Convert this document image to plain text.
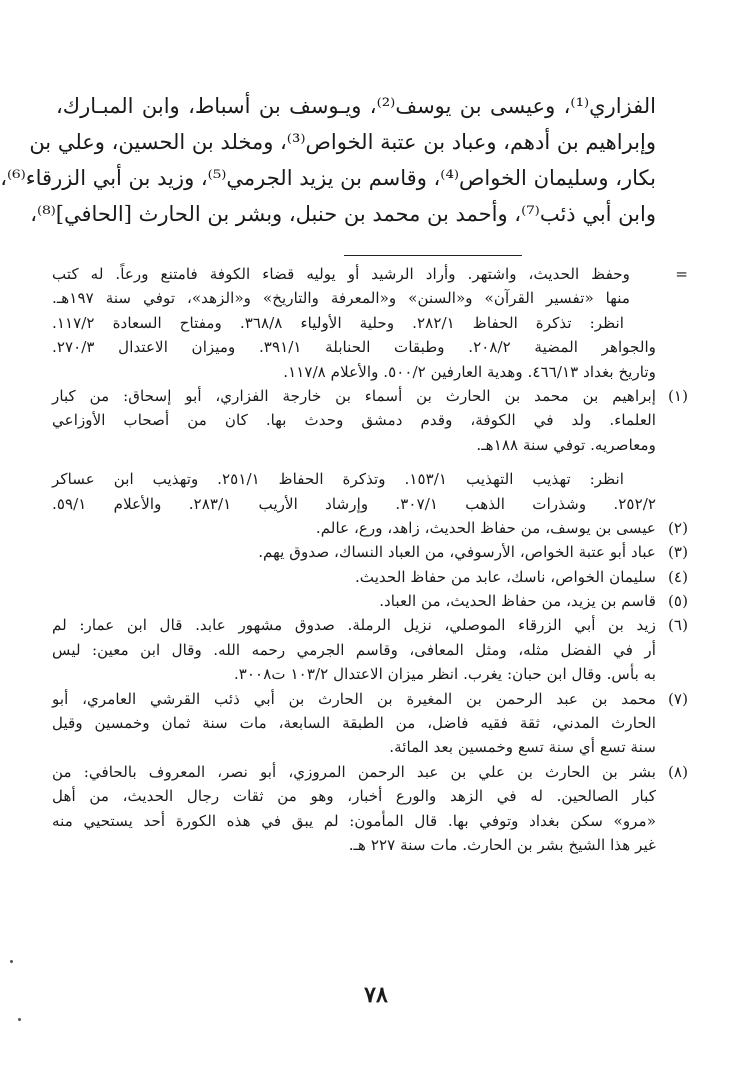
الفزاري⁽¹⁾، وعيسى بن يوسف⁽²⁾، ويـوسف بن أسباط، وابن المبـارك،
وإبراهيم بن أدهم، وعباد بن عتبة الخواص⁽³⁾، ومخلد بن الحسين، وعلي بن
بكار، وسليمان الخواص⁽⁴⁾، وقاسم بن يزيد الجرمي⁽⁵⁾، وزيد بن أبي الزرقاء⁽⁶⁾،
وابن أبي ذئب⁽⁷⁾، وأحمد بن محمد بن حنبل، وبشر بن الحارث [الحافي]⁽⁸⁾،
=
وحفظ الحديث، واشتهر. وأراد الرشيد أو يوليه قضاء الكوفة فامتنع ورعاً. له كتب
منها «تفسير القرآن» و«السنن» و«المعرفة والتاريخ» و«الزهد»، توفي سنة ١٩٧هـ.
انظر: تذكرة الحفاظ ٢٨٢/١. وحلية الأولياء ٣٦٨/٨. ومفتاح السعادة ١١٧/٢.
والجواهر المضية ٢٠٨/٢. وطبقات الحنابلة ٣٩١/١. وميزان الاعتدال ٢٧٠/٣.
وتاريخ بغداد ٤٦٦/١٣. وهدية العارفين ٥٠٠/٢. والأعلام ١١٧/٨.
(١)
إبراهيم بن محمد بن الحارث بن أسماء بن خارجة الفزاري، أبو إسحاق: من كبار
العلماء. ولد في الكوفة، وقدم دمشق وحدث بها. كان من أصحاب الأوزاعي
ومعاصريه. توفي سنة ١٨٨هـ.
انظر: تهذيب التهذيب ١٥٣/١. وتذكرة الحفاظ ٢٥١/١. وتهذيب ابن عساكر
٢٥٢/٢. وشذرات الذهب ٣٠٧/١. وإرشاد الأريب ٢٨٣/١. والأعلام ٥٩/١.
(٢)
عيسى بن يوسف، من حفاظ الحديث، زاهد، ورع، عالم.
(٣)
عباد أبو عتبة الخواص، الأرسوفي، من العباد النساك، صدوق يهم.
(٤)
سليمان الخواص، ناسك، عابد من حفاظ الحديث.
(٥)
قاسم بن يزيد، من حفاظ الحديث، من العباد.
(٦)
زيد بن أبي الزرقاء الموصلي، نزيل الرملة. صدوق مشهور عابد. قال ابن عمار: لم
أر في الفضل مثله، ومثل المعافى، وقاسم الجرمي رحمه الله. وقال ابن معين: ليس
به بأس. وقال ابن حبان: يغرب. انظر ميزان الاعتدال ١٠٣/٢ ت٣٠٠٨.
(٧)
محمد بن عبد الرحمن بن المغيرة بن الحارث بن أبي ذئب القرشي العامري، أبو
الحارث المدني، ثقة فقيه فاضل، من الطبقة السابعة، مات سنة ثمان وخمسين وقيل
سنة تسع أي سنة تسع وخمسين بعد المائة.
(٨)
بشر بن الحارث بن علي بن عبد الرحمن المروزي، أبو نصر، المعروف بالحافي: من
كبار الصالحين. له في الزهد والورع أخبار، وهو من ثقات رجال الحديث، من أهل
«مرو» سكن بغداد وتوفي بها. قال المأمون: لم يبق في هذه الكورة أحد يستحيي منه
غير هذا الشيخ بشر بن الحارث. مات سنة ٢٢٧ هـ.
٧٨
